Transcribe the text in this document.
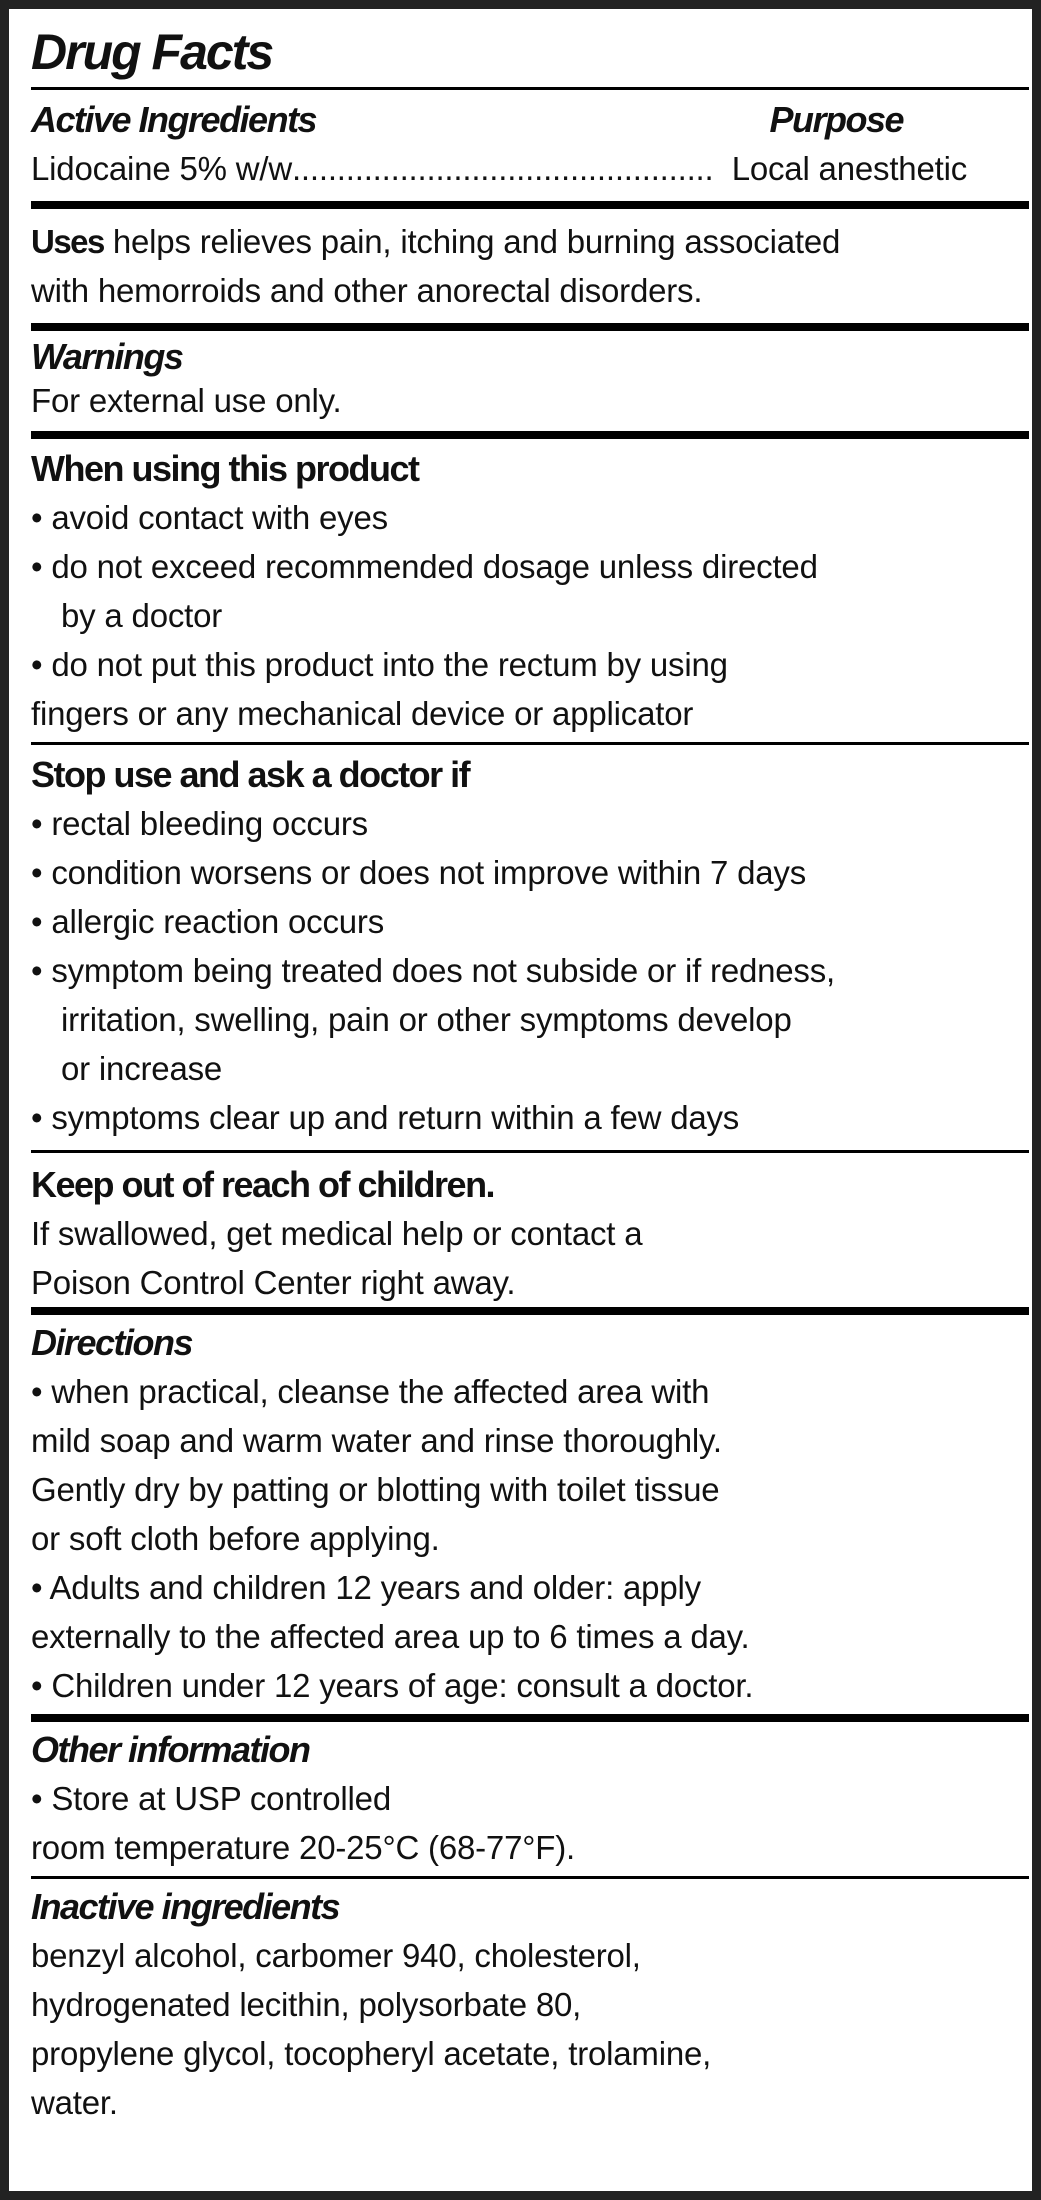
Drug Facts
Active Ingredients	Purpose
Lidocaine 5% w/w ............................................... Local anesthetic
Uses helps relieves pain, itching and burning associated
with hemorroids and other anorectal disorders.
Warnings
For external use only.
When using this product
• avoid contact with eyes
• do not exceed recommended dosage unless directed
by a doctor
• do not put this product into the rectum by using
fingers or any mechanical device or applicator
Stop use and ask a doctor if
• rectal bleeding occurs
• condition worsens or does not improve within 7 days
• allergic reaction occurs
• symptom being treated does not subside or if redness,
irritation, swelling, pain or other symptoms develop
or increase
• symptoms clear up and return within a few days
Keep out of reach of children.
If swallowed, get medical help or contact a
Poison Control Center right away.
Directions
• when practical, cleanse the affected area with
mild soap and warm water and rinse thoroughly.
Gently dry by patting or blotting with toilet tissue
or soft cloth before applying.
• Adults and children 12 years and older: apply
externally to the affected area up to 6 times a day.
• Children under 12 years of age: consult a doctor.
Other information
• Store at USP controlled
room temperature 20-25°C (68-77°F).
Inactive ingredients
benzyl alcohol, carbomer 940, cholesterol,
hydrogenated lecithin, polysorbate 80,
propylene glycol, tocopheryl acetate, trolamine,
water.
